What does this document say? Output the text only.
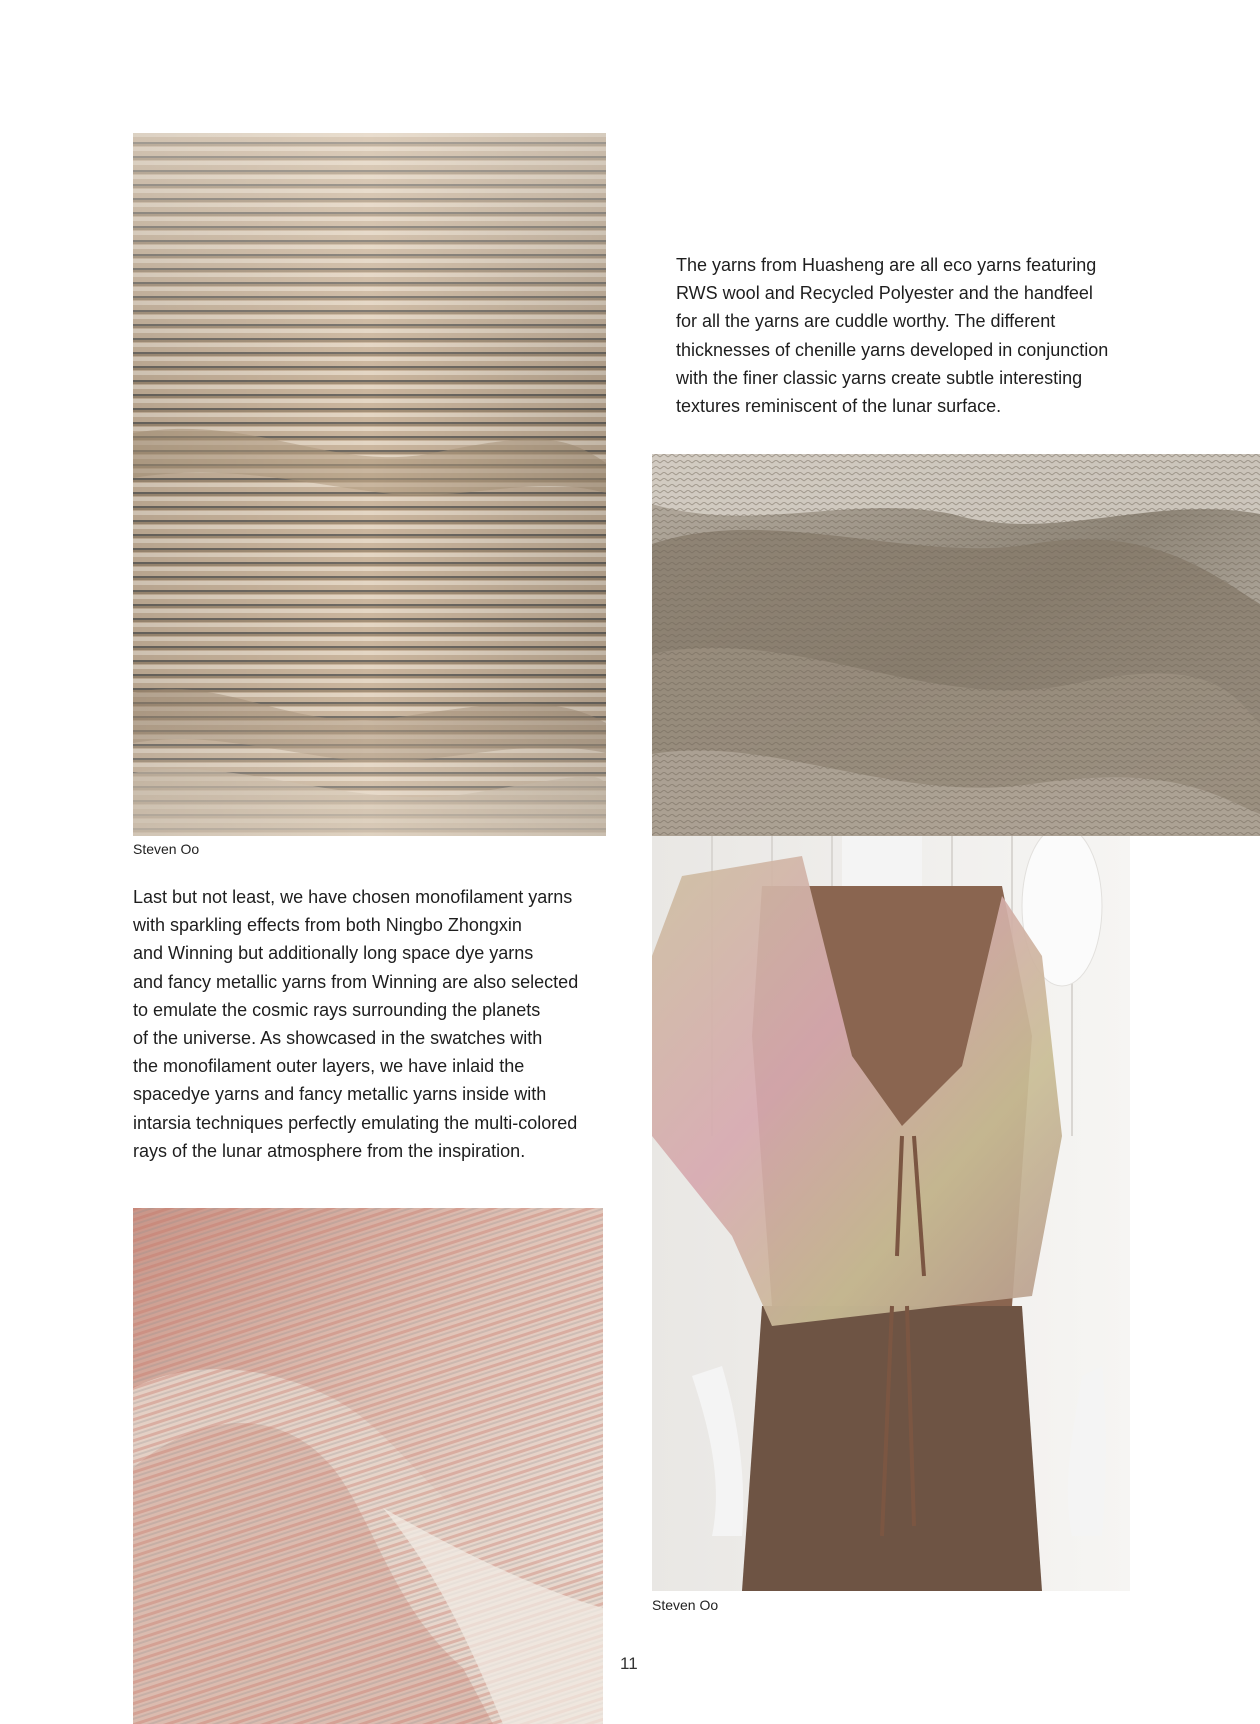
Steven Oo

The yarns from Huasheng are all eco yarns featuring

RWS wool and Recycled Polyester and the handfeel

for all the yarns are cuddle worthy. The different

thicknesses of chenille yarns developed in conjunction

with the finer classic yarns create subtle interesting

textures reminiscent of the lunar surface.

Last but not least, we have chosen monofilament yarns

with sparkling effects from both Ningbo Zhongxin

and Winning but additionally long space dye yarns

and fancy metallic yarns from Winning are also selected

to emulate the cosmic rays surrounding the planets

of the universe. As showcased in the swatches with

the monofilament outer layers, we have inlaid the

spacedye yarns and fancy metallic yarns inside with

intarsia techniques perfectly emulating the multi-colored

rays of the lunar atmosphere from the inspiration.

Steven Oo
11
